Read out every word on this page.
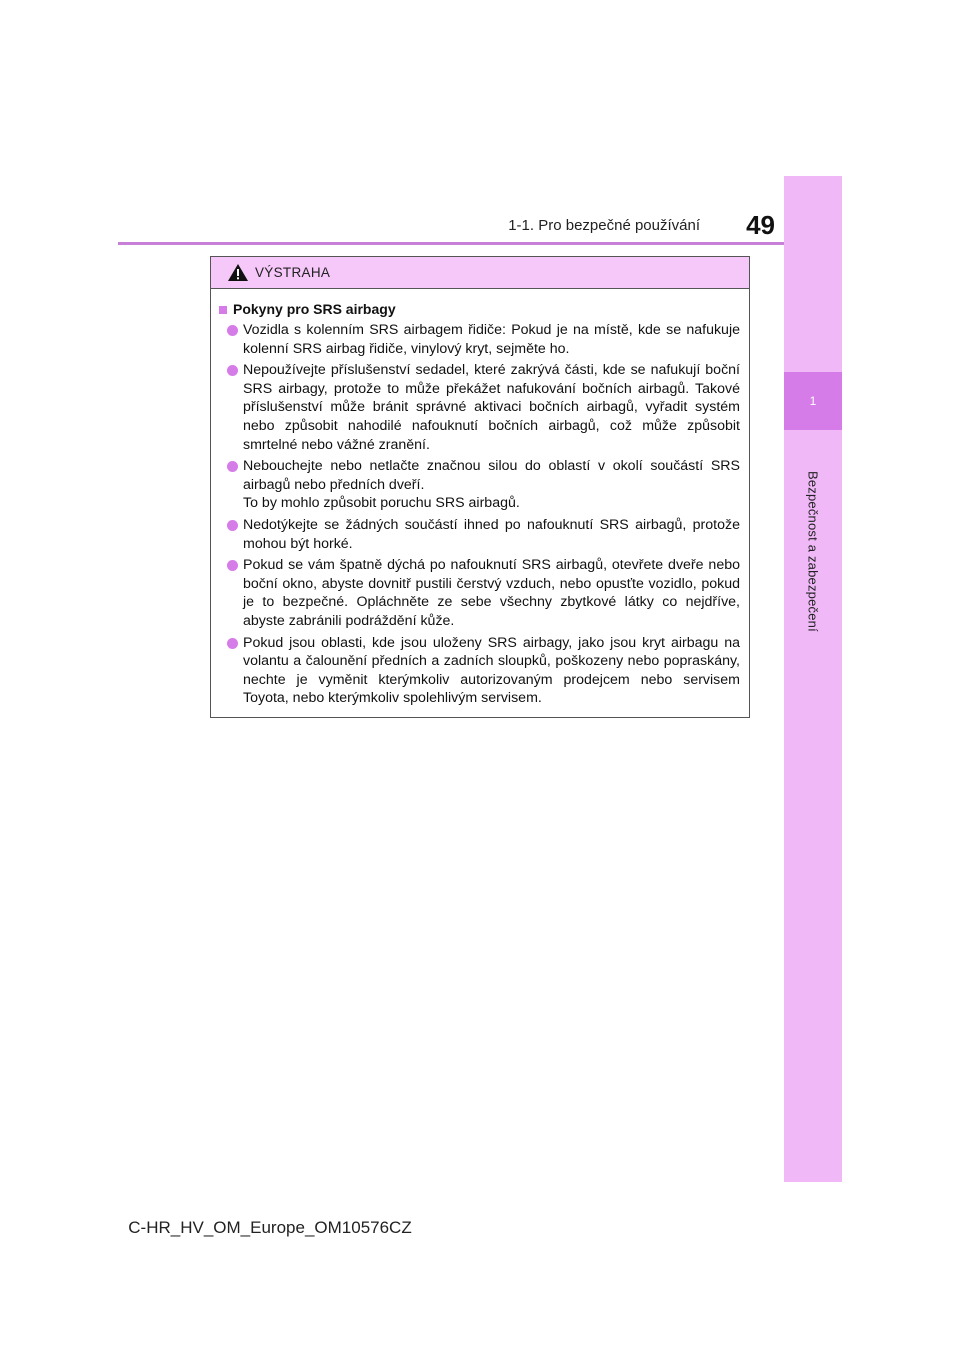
1-1. Pro bezpečné používání	49
1
Bezpečnost a zabezpečení
VÝSTRAHA
Pokyny pro SRS airbagy
Vozidla s kolenním SRS airbagem řidiče: Pokud je na místě, kde se nafukuje kolenní SRS airbag řidiče, vinylový kryt, sejměte ho.
Nepoužívejte příslušenství sedadel, které zakrývá části, kde se nafukují boční SRS airbagy, protože to může překážet nafukování bočních airbagů. Takové příslušenství může bránit správné aktivaci bočních airbagů, vyřadit systém nebo způsobit nahodilé nafouknutí bočních airbagů, což může způsobit smrtelné nebo vážné zranění.
Nebouchejte nebo netlačte značnou silou do oblastí v okolí součástí SRS airbagů nebo předních dveří.
To by mohlo způsobit poruchu SRS airbagů.
Nedotýkejte se žádných součástí ihned po nafouknutí SRS airbagů, protože mohou být horké.
Pokud se vám špatně dýchá po nafouknutí SRS airbagů, otevřete dveře nebo boční okno, abyste dovnitř pustili čerstvý vzduch, nebo opusťte vozidlo, pokud je to bezpečné. Opláchněte ze sebe všechny zbytkové látky co nejdříve, abyste zabránili podráždění kůže.
Pokud jsou oblasti, kde jsou uloženy SRS airbagy, jako jsou kryt airbagu na volantu a čalounění předních a zadních sloupků, poškozeny nebo popraskány, nechte je vyměnit kterýmkoliv autorizovaným prodejcem nebo servisem Toyota, nebo kterýmkoliv spolehlivým servisem.
C-HR_HV_OM_Europe_OM10576CZ
